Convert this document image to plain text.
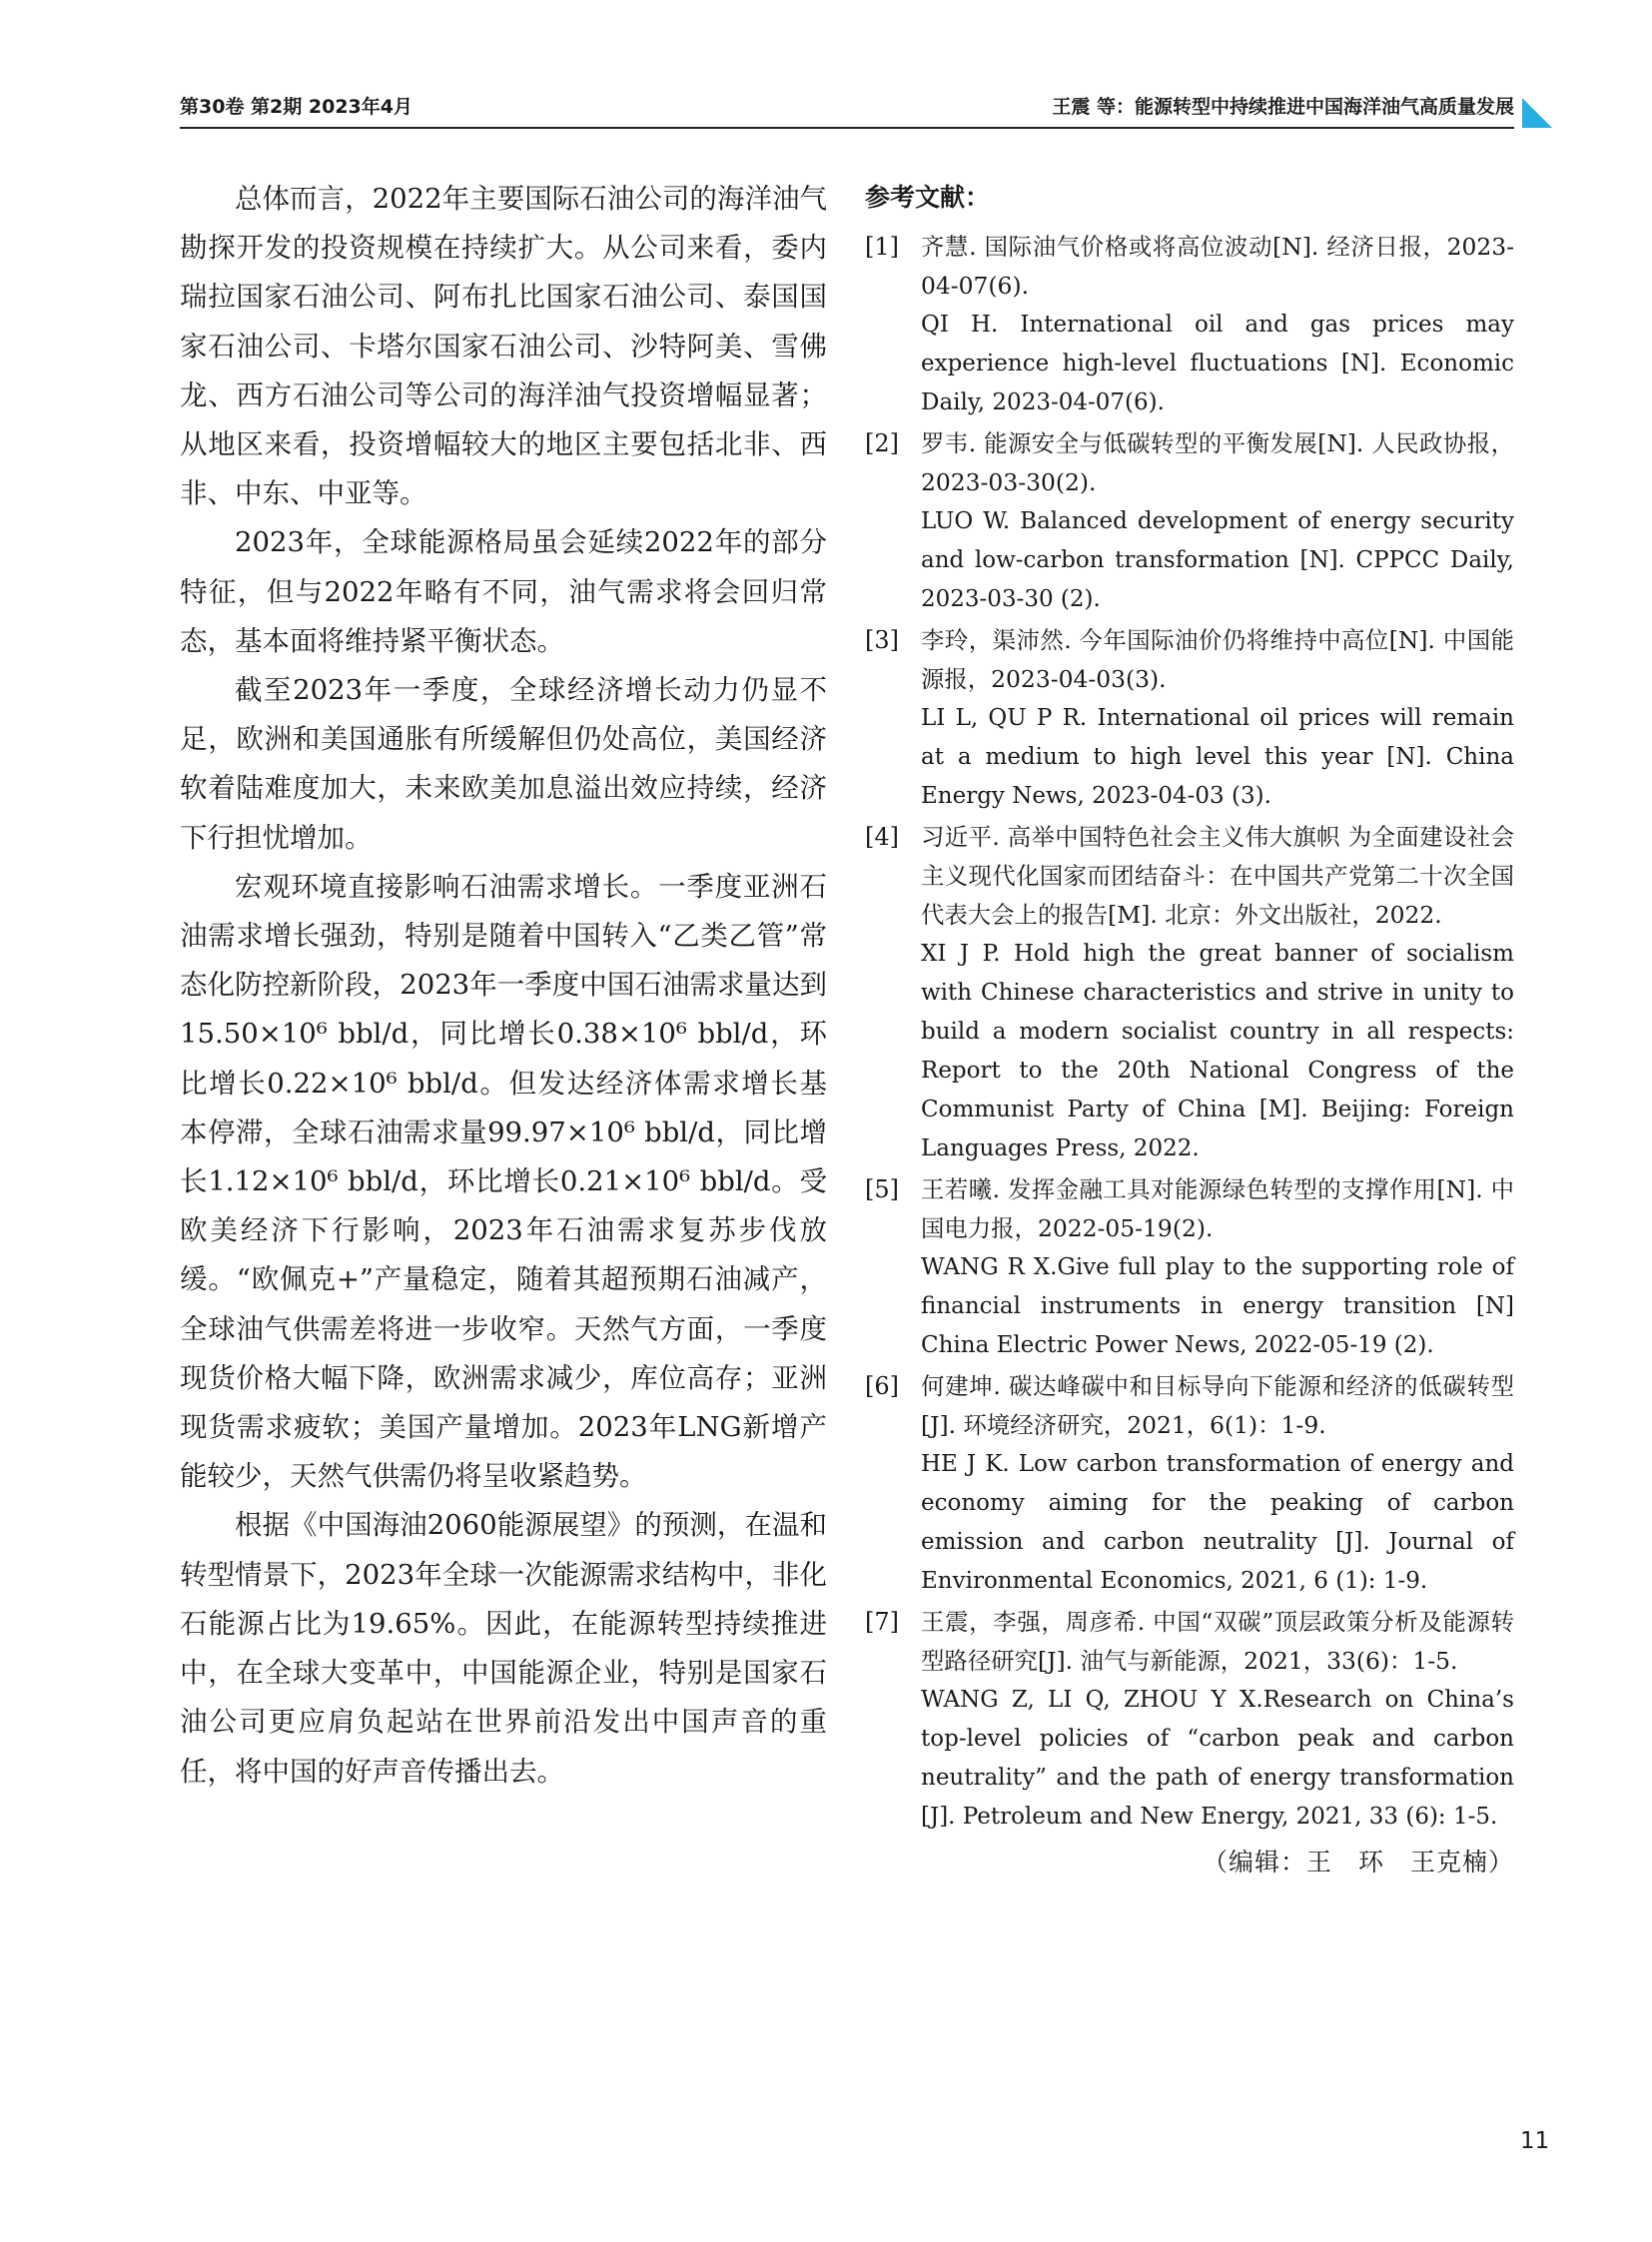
第30卷 第2期 2023年4月	王震 等：能源转型中持续推进中国海洋油气高质量发展

总体而言，2022年主要国际石油公司的海洋油气勘探开发的投资规模在持续扩大。从公司来看，委内瑞拉国家石油公司、阿布扎比国家石油公司、泰国国家石油公司、卡塔尔国家石油公司、沙特阿美、雪佛龙、西方石油公司等公司的海洋油气投资增幅显著；从地区来看，投资增幅较大的地区主要包括北非、西非、中东、中亚等。

2023年，全球能源格局虽会延续2022年的部分特征，但与2022年略有不同，油气需求将会回归常态，基本面将维持紧平衡状态。

截至2023年一季度，全球经济增长动力仍显不足，欧洲和美国通胀有所缓解但仍处高位，美国经济软着陆难度加大，未来欧美加息溢出效应持续，经济下行担忧增加。

宏观环境直接影响石油需求增长。一季度亚洲石油需求增长强劲，特别是随着中国转入“乙类乙管”常态化防控新阶段，2023年一季度中国石油需求量达到15.50×10⁶ bbl/d，同比增长0.38×10⁶ bbl/d，环比增长0.22×10⁶ bbl/d。但发达经济体需求增长基本停滞，全球石油需求量99.97×10⁶ bbl/d，同比增长1.12×10⁶ bbl/d，环比增长0.21×10⁶ bbl/d。受欧美经济下行影响，2023年石油需求复苏步伐放缓。“欧佩克+”产量稳定，随着其超预期石油减产，全球油气供需差将进一步收窄。天然气方面，一季度现货价格大幅下降，欧洲需求减少，库位高存；亚洲现货需求疲软；美国产量增加。2023年LNG新增产能较少，天然气供需仍将呈收紧趋势。

根据《中国海油2060能源展望》的预测，在温和转型情景下，2023年全球一次能源需求结构中，非化石能源占比为19.65%。因此，在能源转型持续推进中，在全球大变革中，中国能源企业，特别是国家石油公司更应肩负起站在世界前沿发出中国声音的重任，将中国的好声音传播出去。

参考文献：
[1] 齐慧. 国际油气价格或将高位波动[N]. 经济日报，2023-04-07(6).

QI H. International oil and gas prices may experience high-level fluctuations [N]. Economic Daily, 2023-04-07(6).

[2] 罗韦. 能源安全与低碳转型的平衡发展[N]. 人民政协报，2023-03-30(2).

LUO W. Balanced development of energy security and low-carbon transformation [N]. CPPCC Daily, 2023-03-30 (2).

[3] 李玲，渠沛然. 今年国际油价仍将维持中高位[N]. 中国能源报，2023-04-03(3).

LI L, QU P R. International oil prices will remain at a medium to high level this year [N]. China Energy News, 2023-04-03 (3).

[4] 习近平. 高举中国特色社会主义伟大旗帜 为全面建设社会主义现代化国家而团结奋斗：在中国共产党第二十次全国代表大会上的报告[M]. 北京：外文出版社，2022.

XI J P. Hold high the great banner of socialism with Chinese characteristics and strive in unity to build a modern socialist country in all respects: Report to the 20th National Congress of the Communist Party of China [M]. Beijing: Foreign Languages Press, 2022.

[5] 王若曦. 发挥金融工具对能源绿色转型的支撑作用[N]. 中国电力报，2022-05-19(2).

WANG R X.Give full play to the supporting role of financial instruments in energy transition [N] China Electric Power News, 2022-05-19 (2).

[6] 何建坤. 碳达峰碳中和目标导向下能源和经济的低碳转型[J]. 环境经济研究，2021，6(1)：1-9.

HE J K. Low carbon transformation of energy and economy aiming for the peaking of carbon emission and carbon neutrality [J]. Journal of Environmental Economics, 2021, 6 (1): 1-9.

[7] 王震，李强，周彦希. 中国“双碳”顶层政策分析及能源转型路径研究[J]. 油气与新能源，2021，33(6)：1-5.

WANG Z, LI Q, ZHOU Y X.Research on China’s top-level policies of “carbon peak and carbon neutrality” and the path of energy transformation [J]. Petroleum and New Energy, 2021, 33 (6): 1-5.

（编辑：王　环　王克楠）
11
